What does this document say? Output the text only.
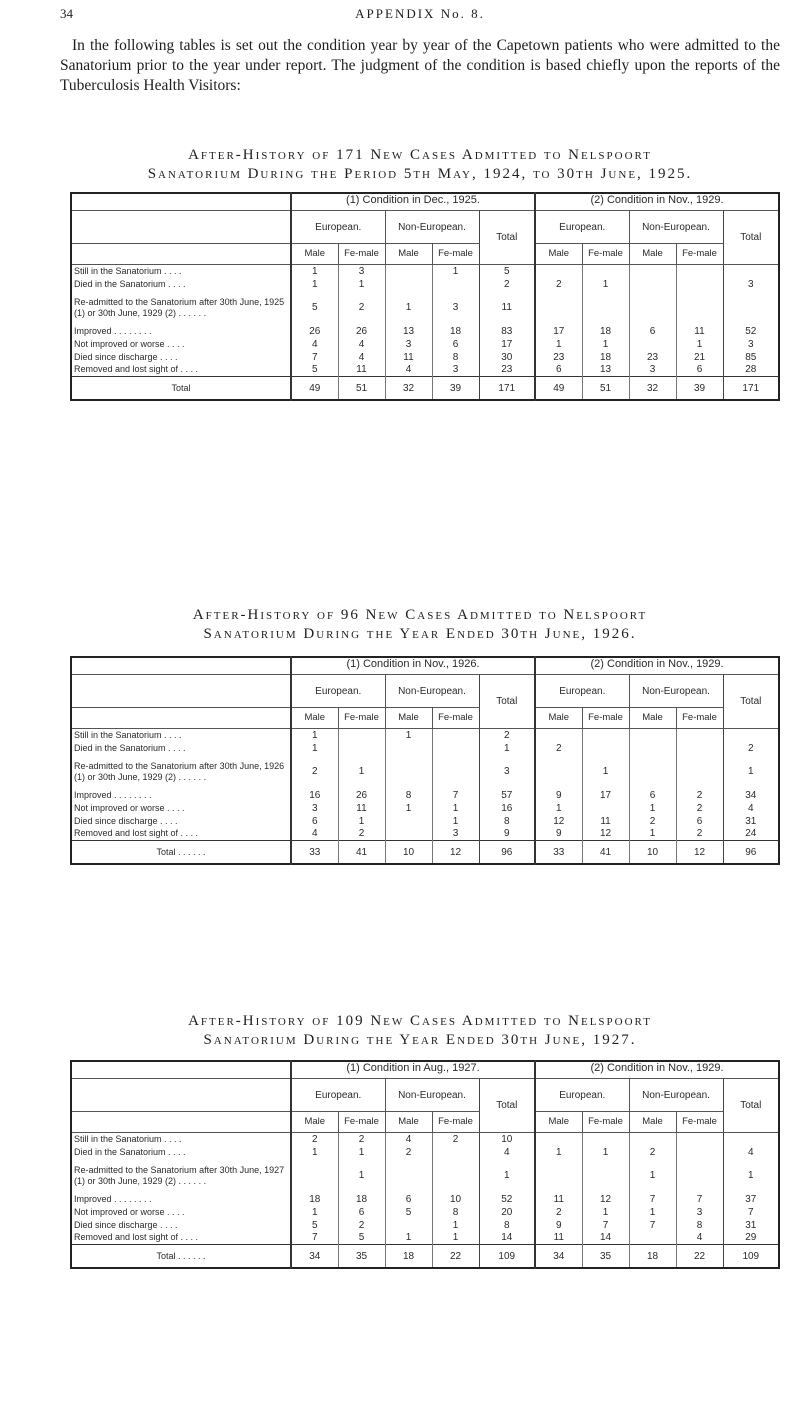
34	APPENDIX No. 8.
In the following tables is set out the condition year by year of the Capetown patients who were admitted to the Sanatorium prior to the year under report. The judgment of the condition is based chiefly upon the reports of the Tuberculosis Health Visitors:
After-History of 171 New Cases Admitted to Nelspoort
Sanatorium During the Period 5th May, 1924, to 30th June, 1925.
	(1) Condition in Dec., 1925.					(2) Condition in Nov., 1929.				
	European.		Non-European.		Total	European.		Non-European.		Total
	Male	Fe-male	Male	Fe-male		Male	Fe-male	Male	Fe-male	
Still in the Sanatorium . . . .	1	3		1	5					
Died in the Sanatorium . . . .	1	1			2	2	1			3
Re-admitted to the Sanatorium after 30th June, 1925 (1) or 30th June, 1929 (2) . . . . . .	5	2	1	3	11					
Improved . . . . . . . .	26	26	13	18	83	17	18	6	11	52
Not improved or worse . . . .	4	4	3	6	17	1	1		1	3
Died since discharge . . . .	7	4	11	8	30	23	18	23	21	85
Removed and lost sight of . . . .	5	11	4	3	23	6	13	3	6	28
Total	49	51	32	39	171	49	51	32	39	171
After-History of 96 New Cases Admitted to Nelspoort
Sanatorium During the Year Ended 30th June, 1926.
	(1) Condition in Nov., 1926.					(2) Condition in Nov., 1929.				
	European.		Non-European.		Total	European.		Non-European.		Total
	Male	Fe-male	Male	Fe-male		Male	Fe-male	Male	Fe-male	
Still in the Sanatorium . . . .	1		1		2					
Died in the Sanatorium . . . .	1				1	2				2
Re-admitted to the Sanatorium after 30th June, 1926 (1) or 30th June, 1929 (2) . . . . . .	2	1			3		1			1
Improved . . . . . . . .	16	26	8	7	57	9	17	6	2	34
Not improved or worse . . . .	3	11	1	1	16	1		1	2	4
Died since discharge . . . .	6	1		1	8	12	11	2	6	31
Removed and lost sight of . . . .	4	2		3	9	9	12	1	2	24
Total . . . . . .	33	41	10	12	96	33	41	10	12	96
After-History of 109 New Cases Admitted to Nelspoort
Sanatorium During the Year Ended 30th June, 1927.
	(1) Condition in Aug., 1927.					(2) Condition in Nov., 1929.				
	European.		Non-European.		Total	European.		Non-European.		Total
	Male	Fe-male	Male	Fe-male		Male	Fe-male	Male	Fe-male	
Still in the Sanatorium . . . .	2	2	4	2	10					
Died in the Sanatorium . . . .	1	1	2		4	1	1	2		4
Re-admitted to the Sanatorium after 30th June, 1927 (1) or 30th June, 1929 (2) . . . . . .		1			1			1		1
Improved . . . . . . . .	18	18	6	10	52	11	12	7	7	37
Not improved or worse . . . .	1	6	5	8	20	2	1	1	3	7
Died since discharge . . . .	5	2		1	8	9	7	7	8	31
Removed and lost sight of . . . .	7	5	1	1	14	11	14		4	29
Total . . . . . .	34	35	18	22	109	34	35	18	22	109
